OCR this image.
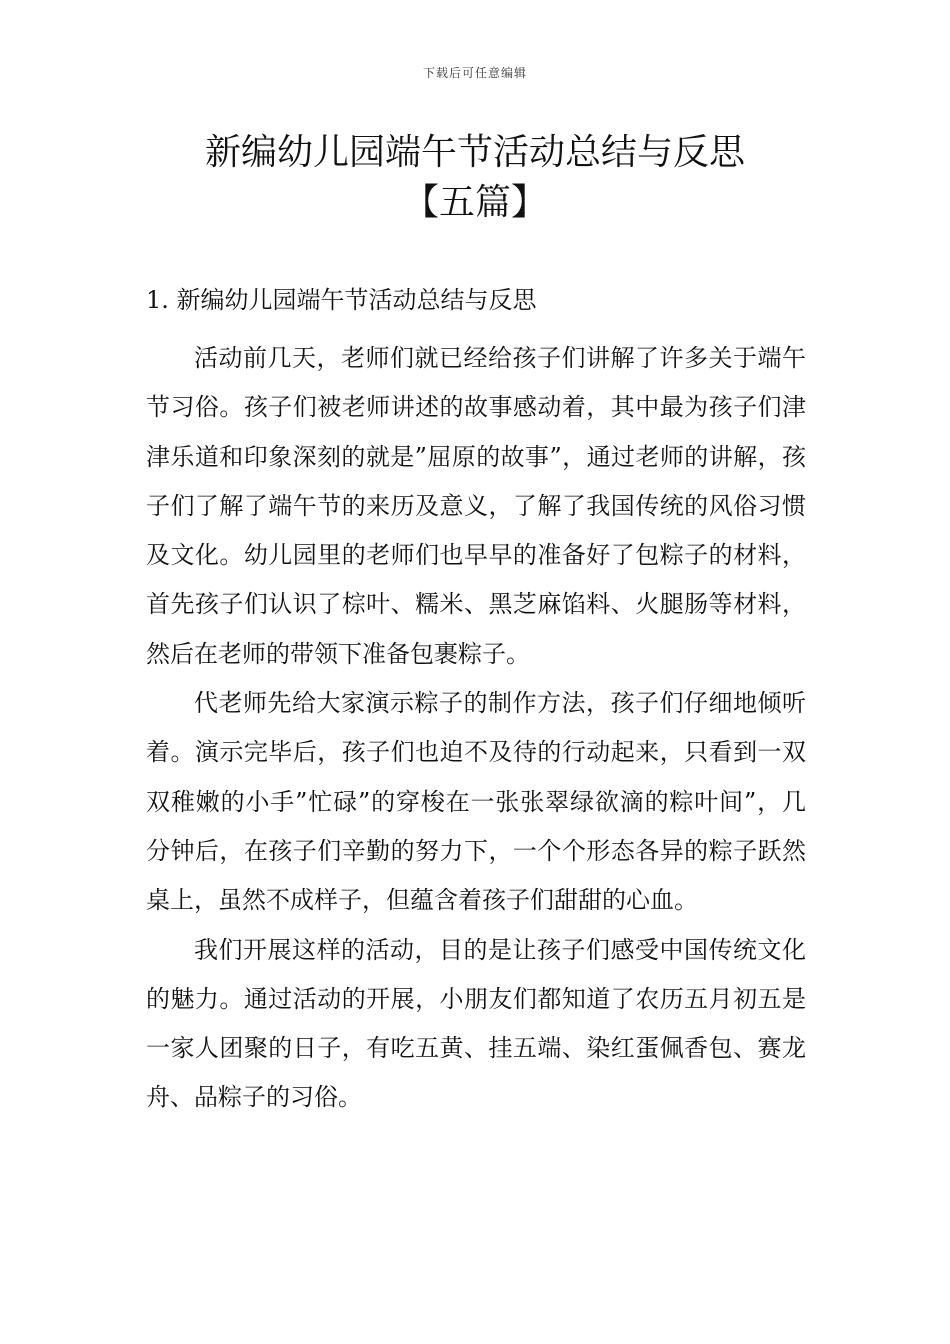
下载后可任意编辑
新编幼儿园端午节活动总结与反思【五篇】
1. 新编幼儿园端午节活动总结与反思

活动前几天，老师们就已经给孩子们讲解了许多关于端午节习俗。孩子们被老师讲述的故事感动着，其中最为孩子们津津乐道和印象深刻的就是”屈原的故事”，通过老师的讲解，孩子们了解了端午节的来历及意义，了解了我国传统的风俗习惯及文化。幼儿园里的老师们也早早的准备好了包粽子的材料，首先孩子们认识了棕叶、糯米、黑芝麻馅料、火腿肠等材料，然后在老师的带领下准备包裹粽子。

代老师先给大家演示粽子的制作方法，孩子们仔细地倾听着。演示完毕后，孩子们也迫不及待的行动起来，只看到一双双稚嫩的小手”忙碌”的穿梭在一张张翠绿欲滴的粽叶间”，几分钟后，在孩子们辛勤的努力下，一个个形态各异的粽子跃然桌上，虽然不成样子，但蕴含着孩子们甜甜的心血。

我们开展这样的活动，目的是让孩子们感受中国传统文化的魅力。通过活动的开展，小朋友们都知道了农历五月初五是一家人团聚的日子，有吃五黄、挂五端、染红蛋佩香包、赛龙舟、品粽子的习俗。
